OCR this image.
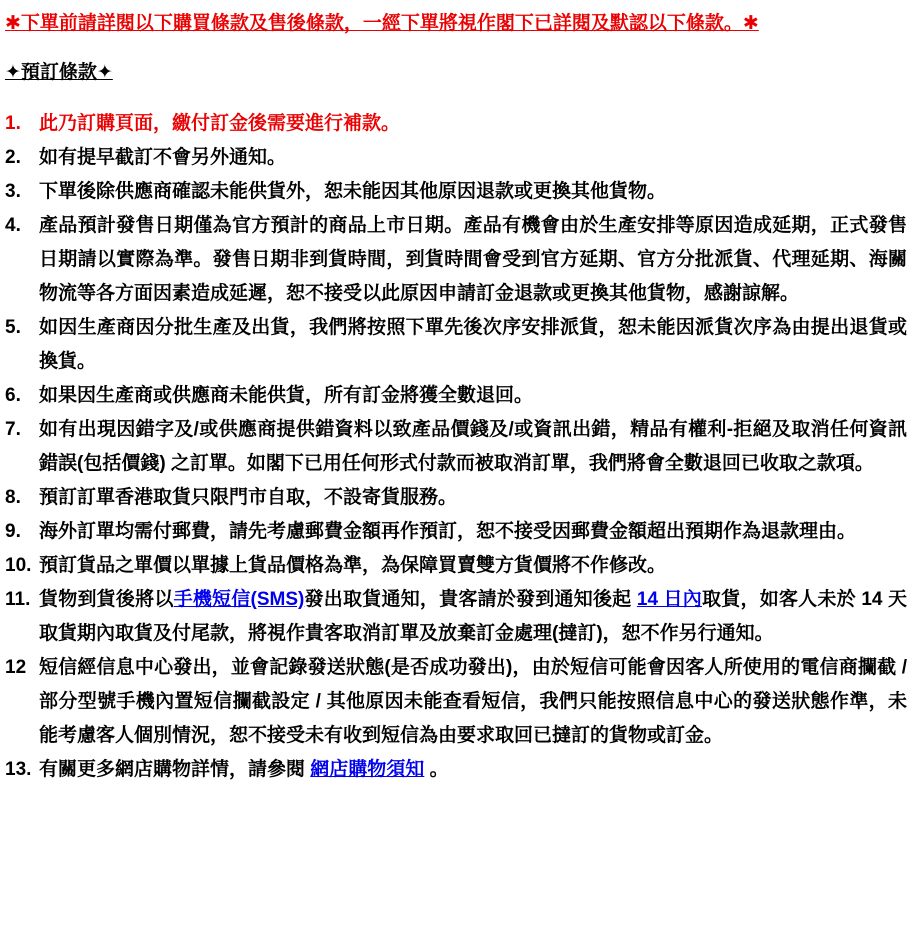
✱下單前請詳閱以下購買條款及售後條款，一經下單將視作閣下已詳閱及默認以下條款。✱
✦預訂條款✦
1. 此乃訂購頁面，繳付訂金後需要進行補款。
2. 如有提早截訂不會另外通知。
3. 下單後除供應商確認未能供貨外，恕未能因其他原因退款或更換其他貨物。
4. 產品預計發售日期僅為官方預計的商品上市日期。產品有機會由於生產安排等原因造成延期，正式發售日期請以實際為準。發售日期非到貨時間，到貨時間會受到官方延期、官方分批派貨、代理延期、海關物流等各方面因素造成延遲，恕不接受以此原因申請訂金退款或更換其他貨物，感謝諒解。
5. 如因生產商因分批生產及出貨，我們將按照下單先後次序安排派貨，恕未能因派貨次序為由提出退貨或換貨。
6. 如果因生產商或供應商未能供貨，所有訂金將獲全數退回。
7. 如有出現因錯字及/或供應商提供錯資料以致產品價錢及/或資訊出錯，精品有權利-拒絕及取消任何資訊錯誤(包括價錢) 之訂單。如閣下已用任何形式付款而被取消訂單，我們將會全數退回已收取之款項。
8. 預訂訂單香港取貨只限門市自取，不設寄貨服務。
9. 海外訂單均需付郵費，請先考慮郵費金額再作預訂，恕不接受因郵費金額超出預期作為退款理由。
10. 預訂貨品之單價以單據上貨品價格為準，為保障買賣雙方貨價將不作修改。
11. 貨物到貨後將以手機短信(SMS)發出取貨通知，貴客請於發到通知後起 14 日內取貨，如客人未於 14 天取貨期內取貨及付尾款，將視作貴客取消訂單及放棄訂金處理(撻訂)，恕不作另行通知。
12 短信經信息中心發出，並會記錄發送狀態(是否成功發出)，由於短信可能會因客人所使用的電信商攔截 / 部分型號手機內置短信攔截設定 / 其他原因未能查看短信，我們只能按照信息中心的發送狀態作準，未能考慮客人個別情況，恕不接受未有收到短信為由要求取回已撻訂的貨物或訂金。
13. 有關更多網店購物詳情，請參閱 網店購物須知 。
